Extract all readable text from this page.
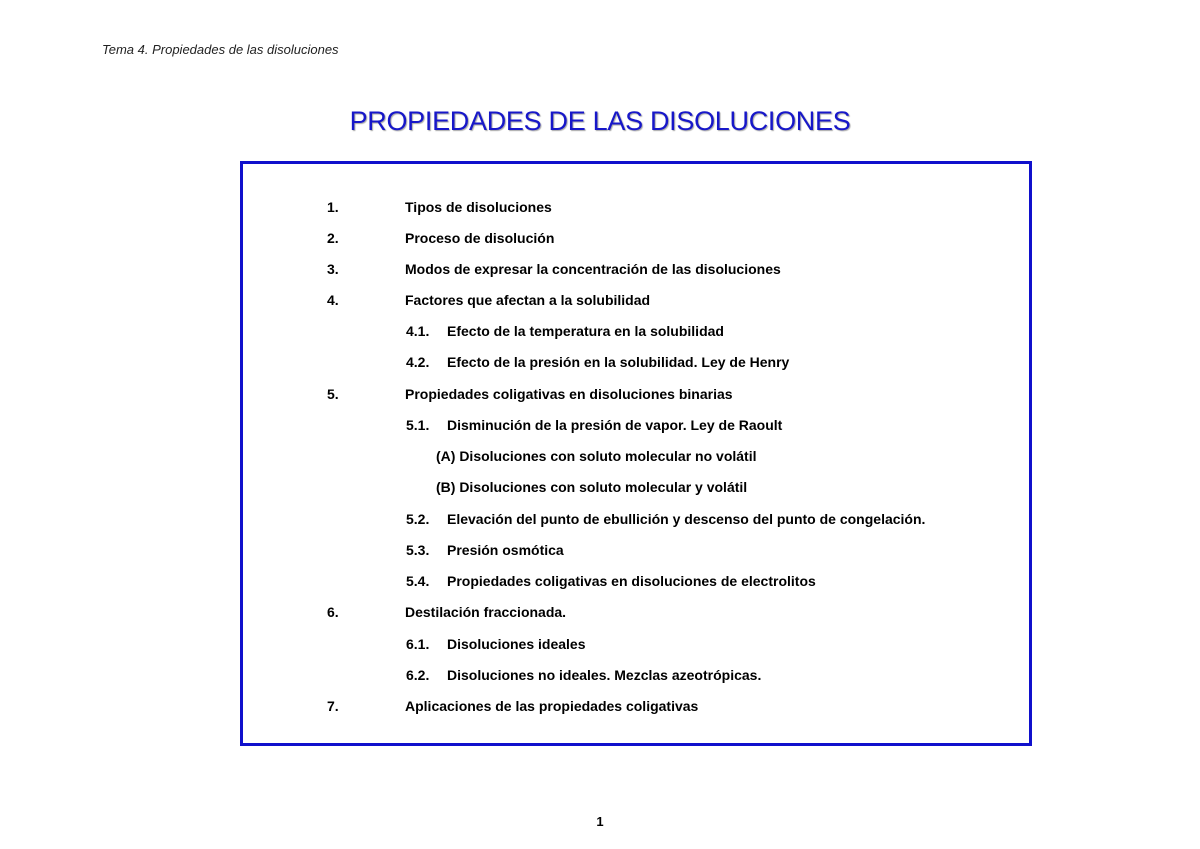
Tema 4. Propiedades de las disoluciones
PROPIEDADES DE LAS DISOLUCIONES
1.	Tipos de disoluciones
2.	Proceso de disolución
3.	Modos de expresar la concentración de las disoluciones
4.	Factores que afectan a la solubilidad
4.1. Efecto de la temperatura en la solubilidad
4.2. Efecto de la presión en la solubilidad. Ley de Henry
5.	Propiedades coligativas en disoluciones binarias
5.1. Disminución de la presión de vapor. Ley de Raoult
(A) Disoluciones con soluto molecular no volátil
(B) Disoluciones con soluto molecular y volátil
5.2. Elevación del punto de ebullición y descenso del punto de congelación.
5.3. Presión osmótica
5.4. Propiedades coligativas en disoluciones de electrolitos
6.	Destilación fraccionada.
6.1. Disoluciones ideales
6.2. Disoluciones no ideales. Mezclas azeotrópicas.
7.	Aplicaciones de las propiedades coligativas
1
